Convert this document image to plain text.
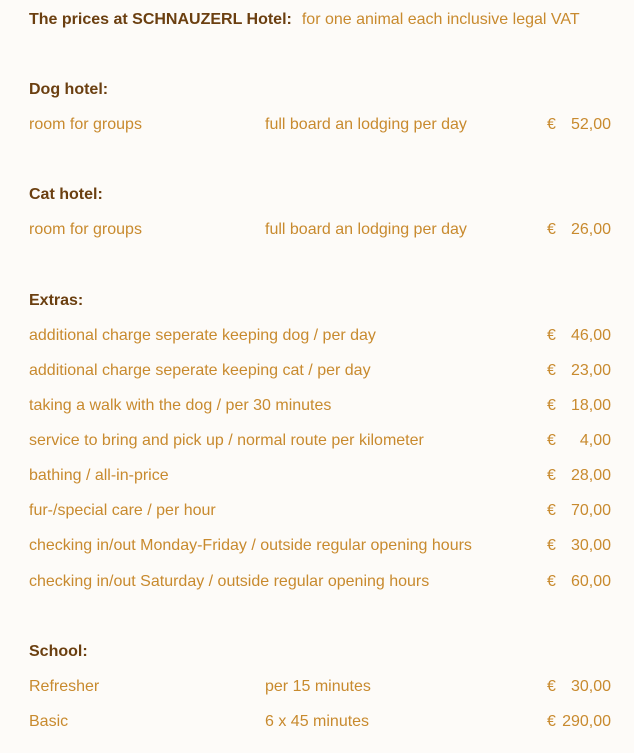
The prices at SCHNAUZERL Hotel: for one animal each inclusive legal VAT
Dog hotel:
room for groups	full board an lodging per day	€ 52,00
Cat hotel:
room for groups	full board an lodging per day	€ 26,00
Extras:
additional charge seperate keeping dog / per day	€ 46,00
additional charge seperate keeping cat / per day	€ 23,00
taking a walk with the dog / per 30 minutes	€ 18,00
service to bring and pick up / normal route per kilometer	€ 4,00
bathing / all-in-price	€ 28,00
fur-/special care / per hour	€ 70,00
checking in/out Monday-Friday / outside regular opening hours	€ 30,00
checking in/out Saturday / outside regular opening hours	€ 60,00
School:
Refresher	per 15 minutes	€ 30,00
Basic	6 x 45 minutes	€ 290,00
